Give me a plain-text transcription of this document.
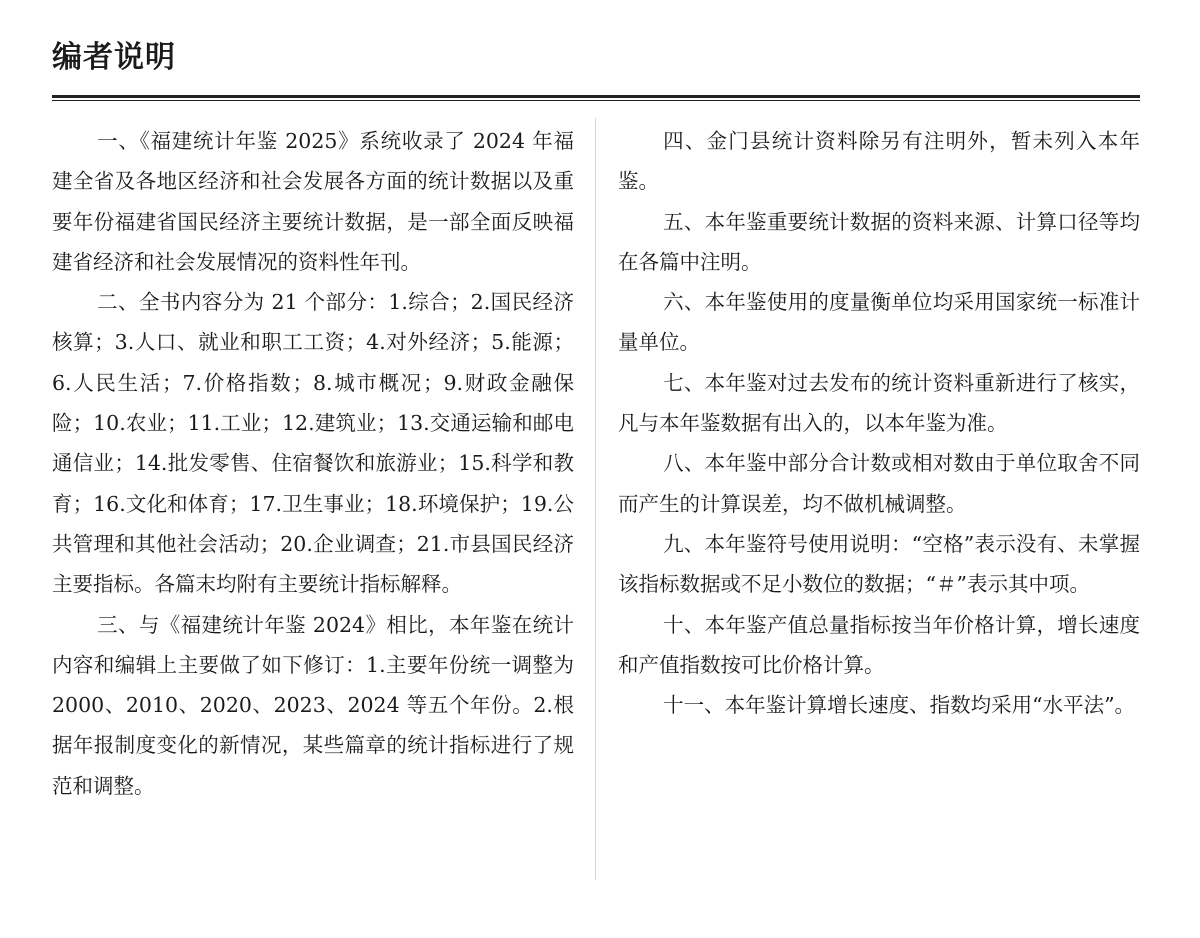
编者说明

一、《福建统计年鉴 2025》系统收录了 2024 年福建全省及各地区经济和社会发展各方面的统计数据以及重要年份福建省国民经济主要统计数据，是一部全面反映福建省经济和社会发展情况的资料性年刊。

二、全书内容分为 21 个部分：1.综合；2.国民经济核算；3.人口、就业和职工工资；4.对外经济；5.能源；6.人民生活；7.价格指数；8.城市概况；9.财政金融保险；10.农业；11.工业；12.建筑业；13.交通运输和邮电通信业；14.批发零售、住宿餐饮和旅游业；15.科学和教育；16.文化和体育；17.卫生事业；18.环境保护；19.公共管理和其他社会活动；20.企业调查；21.市县国民经济主要指标。各篇末均附有主要统计指标解释。

三、与《福建统计年鉴 2024》相比，本年鉴在统计内容和编辑上主要做了如下修订：1.主要年份统一调整为 2000、2010、2020、2023、2024 等五个年份。2.根据年报制度变化的新情况，某些篇章的统计指标进行了规范和调整。

四、金门县统计资料除另有注明外，暂未列入本年鉴。

五、本年鉴重要统计数据的资料来源、计算口径等均在各篇中注明。

六、本年鉴使用的度量衡单位均采用国家统一标准计量单位。

七、本年鉴对过去发布的统计资料重新进行了核实，凡与本年鉴数据有出入的，以本年鉴为准。

八、本年鉴中部分合计数或相对数由于单位取舍不同而产生的计算误差，均不做机械调整。

九、本年鉴符号使用说明：“空格”表示没有、未掌握该指标数据或不足小数位的数据；“＃”表示其中项。

十、本年鉴产值总量指标按当年价格计算，增长速度和产值指数按可比价格计算。

十一、本年鉴计算增长速度、指数均采用“水平法”。
